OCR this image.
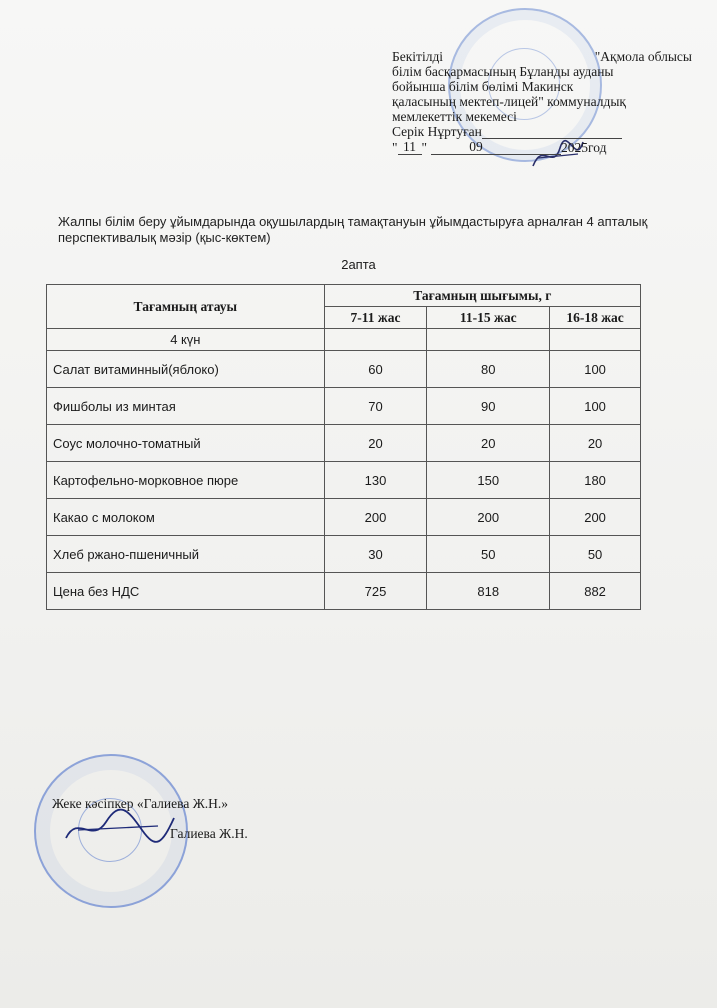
Бекітілді	"Ақмола облысы
білім басқармасының Бұланды ауданы
бойынша білім бөлімі Макинск
қаласының мектеп-лицей" коммуналдық
мемлекеттік мекемесі
Серік Нұртуған
" 11 "	09	2025год
Жалпы білім беру ұйымдарында оқушылардың тамақтануын ұйымдастыруға арналған 4 апталық перспективалық мәзір (қыс-көктем)
2апта
Тағамның атауы	Тағамның шығымы, г		
	7-11 жас	11-15 жас	16-18 жас
4 күн			
Салат витаминный(яблоко)	60	80	100
Фишболы из минтая	70	90	100
Соус молочно-томатный	20	20	20
Картофельно-морковное пюре	130	150	180
Какао с молоком	200	200	200
Хлеб ржано-пшеничный	30	50	50
Цена без НДС	725	818	882
Жеке кәсіпкер «Галиева Ж.Н.»
Галиева Ж.Н.
